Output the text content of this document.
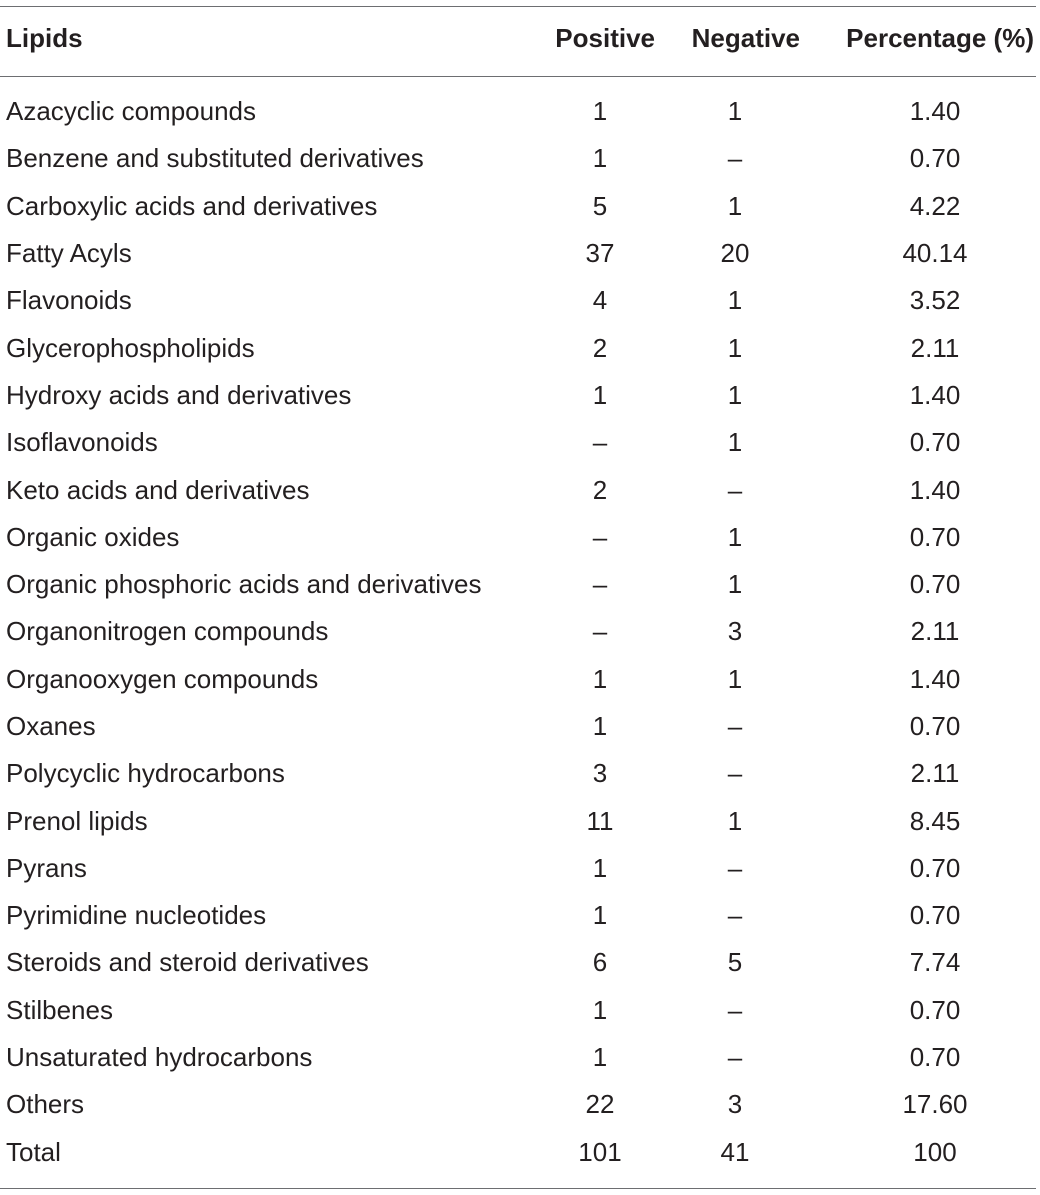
Lipids	Positive	Negative	Percentage (%)
Azacyclic compounds	1	1	1.40
Benzene and substituted derivatives	1	–	0.70
Carboxylic acids and derivatives	5	1	4.22
Fatty Acyls	37	20	40.14
Flavonoids	4	1	3.52
Glycerophospholipids	2	1	2.11
Hydroxy acids and derivatives	1	1	1.40
Isoflavonoids	–	1	0.70
Keto acids and derivatives	2	–	1.40
Organic oxides	–	1	0.70
Organic phosphoric acids and derivatives	–	1	0.70
Organonitrogen compounds	–	3	2.11
Organooxygen compounds	1	1	1.40
Oxanes	1	–	0.70
Polycyclic hydrocarbons	3	–	2.11
Prenol lipids	11	1	8.45
Pyrans	1	–	0.70
Pyrimidine nucleotides	1	–	0.70
Steroids and steroid derivatives	6	5	7.74
Stilbenes	1	–	0.70
Unsaturated hydrocarbons	1	–	0.70
Others	22	3	17.60
Total	101	41	100
